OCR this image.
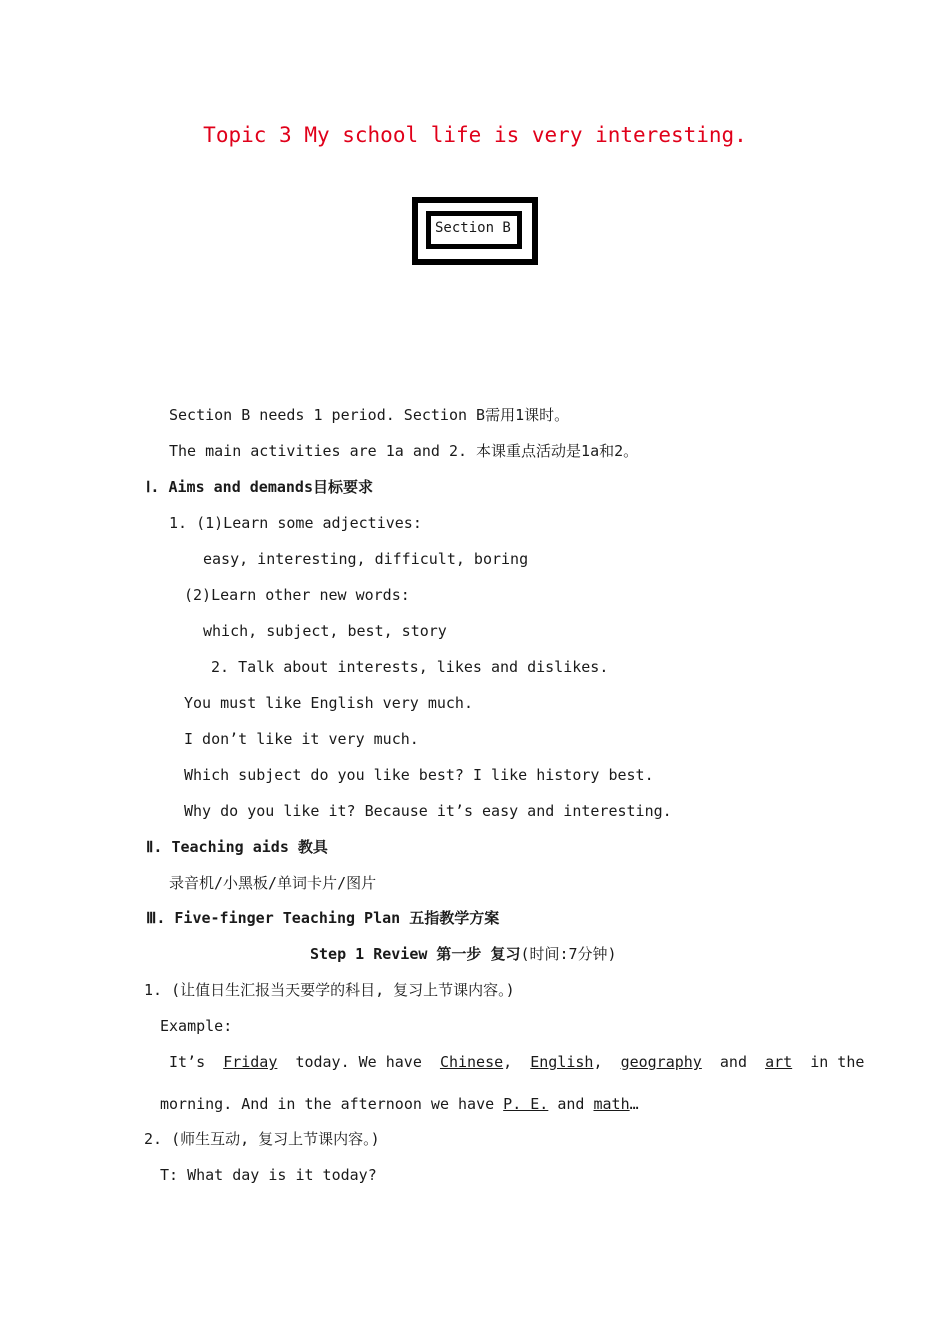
Topic 3 My school life is very interesting.
Section B
Section B needs 1 period. Section B需用1课时。
The main activities are 1a and 2. 本课重点活动是1a和2。
Ⅰ. Aims and demands目标要求
1. (1)Learn some adjectives:
easy, interesting, difficult, boring
(2)Learn other new words:
which, subject, best, story
2. Talk about interests, likes and dislikes.
You must like English very much.
I don’t like it very much.
Which subject do you like best? I like history best.
Why do you like it? Because it’s easy and interesting.
Ⅱ. Teaching aids 教具
录音机/小黑板/单词卡片/图片
Ⅲ. Five-finger Teaching Plan 五指教学方案
Step 1 Review 第一步 复习(时间:7分钟)
1. (让值日生汇报当天要学的科目, 复习上节课内容。)
Example:
It’s Friday today. We have Chinese,  English,  geography and art in the
morning. And in the afternoon we have P. E. and math…
2. (师生互动, 复习上节课内容。)
T: What day is it today?
